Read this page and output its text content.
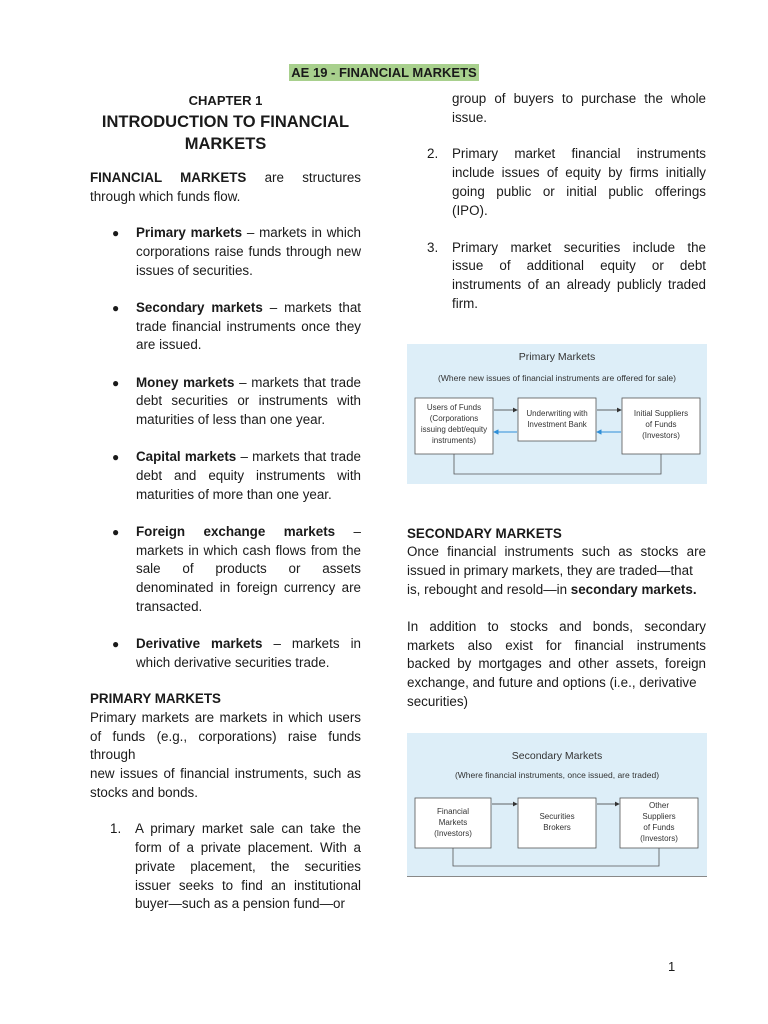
AE 19 - FINANCIAL MARKETS

CHAPTER 1

INTRODUCTION TO FINANCIAL MARKETS

FINANCIAL MARKETS are structures through which funds flow.

● Primary markets – markets in which corporations raise funds through new issues of securities.
● Secondary markets – markets that trade financial instruments once they are issued.
● Money markets – markets that trade debt securities or instruments with maturities of less than one year.
● Capital markets – markets that trade debt and equity instruments with maturities of more than one year.
● Foreign exchange markets – markets in which cash flows from the sale of products or assets denominated in foreign currency are transacted.
● Derivative markets – markets in which derivative securities trade.

PRIMARY MARKETS

Primary markets are markets in which users of funds (e.g., corporations) raise funds through

new issues of financial instruments, such as stocks and bonds.

1. A primary market sale can take the form of a private placement. With a private placement, the securities issuer seeks to find an institutional buyer—such as a pension fund—or

group of buyers to purchase the whole issue.

2. Primary market financial instruments include issues of equity by firms initially going public or initial public offerings (IPO).
3. Primary market securities include the issue of additional equity or debt instruments of an already publicly traded firm.
Primary Markets
(Where new issues of financial instruments are offered for sale)
Users of Funds
(Corporations
issuing debt/equity
instruments)
Underwriting with
Investment Bank
Initial Suppliers
of Funds
(Investors)

SECONDARY MARKETS

Once financial instruments such as stocks are issued in primary markets, they are traded—that

is, rebought and resold—in secondary markets.

In addition to stocks and bonds, secondary markets also exist for financial instruments backed by mortgages and other assets, foreign exchange, and future and options (i.e., derivative

securities)

Secondary Markets
(Where financial instruments, once issued, are traded)
Financial
Markets
(Investors)
Securities
Brokers
Other
Suppliers
of Funds
(Investors)
1
